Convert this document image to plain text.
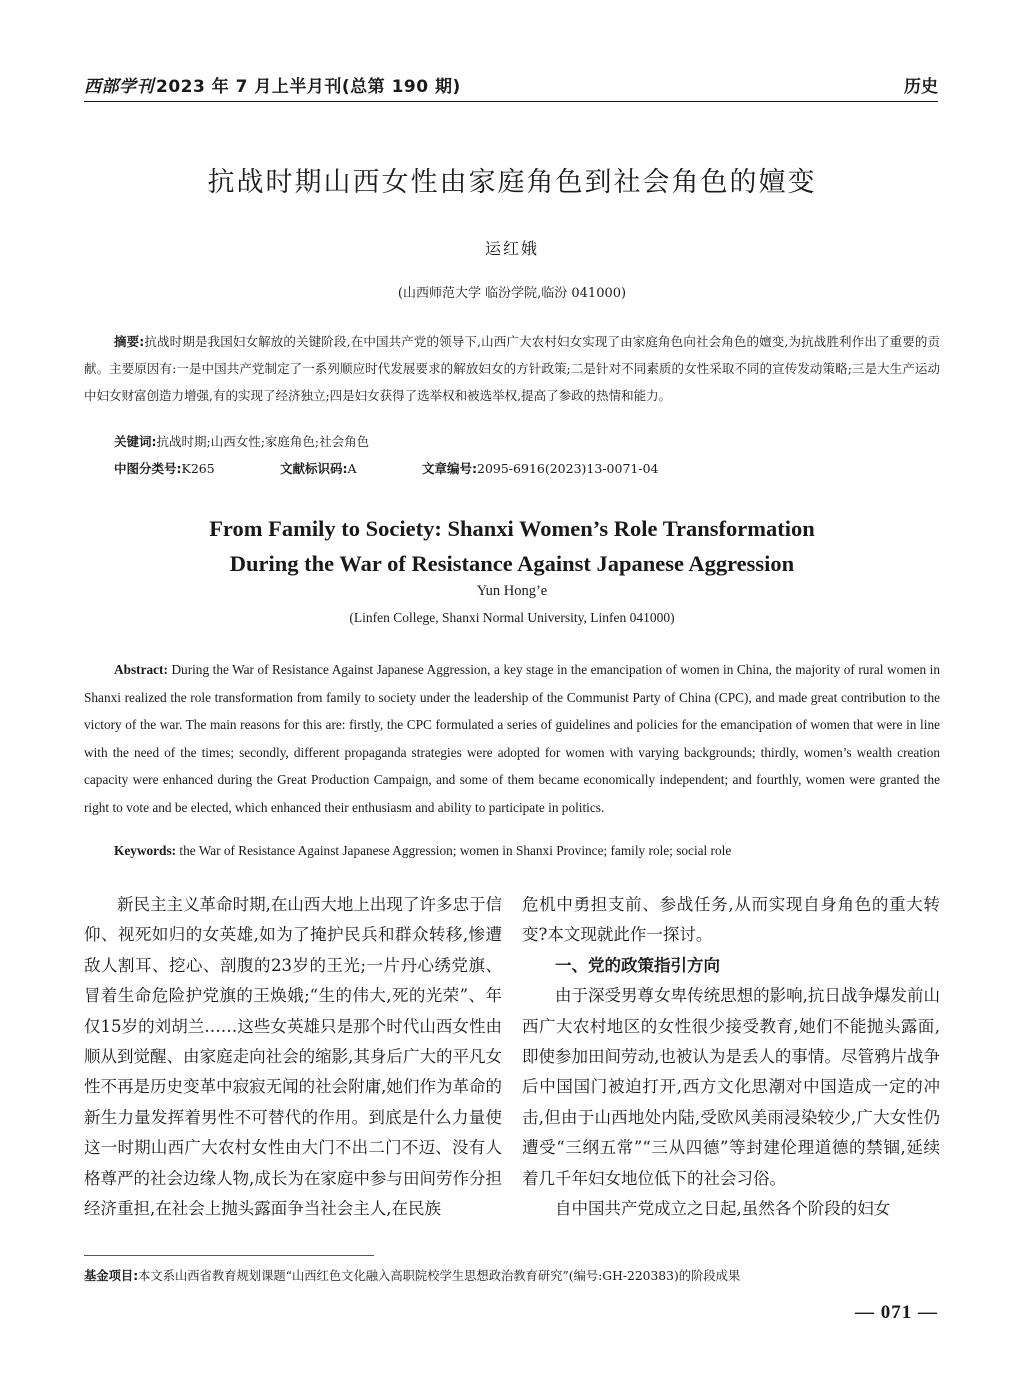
西部学刊 2023 年 7 月上半月刊(总第 190 期)	历史
抗战时期山西女性由家庭角色到社会角色的嬗变
运红娥
(山西师范大学 临汾学院,临汾 041000)
摘要:抗战时期是我国妇女解放的关键阶段,在中国共产党的领导下,山西广大农村妇女实现了由家庭角色向社会角色的嬗变,为抗战胜利作出了重要的贡献。主要原因有:一是中国共产党制定了一系列顺应时代发展要求的解放妇女的方针政策;二是针对不同素质的女性采取不同的宣传发动策略;三是大生产运动中妇女财富创造力增强,有的实现了经济独立;四是妇女获得了选举权和被选举权,提高了参政的热情和能力。
关键词:抗战时期;山西女性;家庭角色;社会角色
中图分类号:K265	文献标识码:A	文章编号:2095-6916(2023)13-0071-04
From Family to Society: Shanxi Women’s Role Transformation
During the War of Resistance Against Japanese Aggression
Yun Hong’e
(Linfen College, Shanxi Normal University, Linfen 041000)
Abstract: During the War of Resistance Against Japanese Aggression, a key stage in the emancipation of women in China, the majority of rural women in Shanxi realized the role transformation from family to society under the leadership of the Communist Party of China (CPC), and made great contribution to the victory of the war. The main reasons for this are: firstly, the CPC formulated a series of guidelines and policies for the emancipation of women that were in line with the need of the times; secondly, different propaganda strategies were adopted for women with varying backgrounds; thirdly, women’s wealth creation capacity were enhanced during the Great Production Campaign, and some of them became economically independent; and fourthly, women were granted the right to vote and be elected, which enhanced their enthusiasm and ability to participate in politics.
Keywords: the War of Resistance Against Japanese Aggression; women in Shanxi Province; family role; social role

新民主主义革命时期,在山西大地上出现了许多忠于信仰、视死如归的女英雄,如为了掩护民兵和群众转移,惨遭敌人割耳、挖心、剖腹的23岁的王光;一片丹心绣党旗、冒着生命危险护党旗的王焕娥;“生的伟大,死的光荣”、年仅15岁的刘胡兰……这些女英雄只是那个时代山西女性由顺从到觉醒、由家庭走向社会的缩影,其身后广大的平凡女性不再是历史变革中寂寂无闻的社会附庸,她们作为革命的新生力量发挥着男性不可替代的作用。到底是什么力量使这一时期山西广大农村女性由大门不出二门不迈、没有人格尊严的社会边缘人物,成长为在家庭中参与田间劳作分担经济重担,在社会上抛头露面争当社会主人,在民族

危机中勇担支前、参战任务,从而实现自身角色的重大转变?本文现就此作一探讨。

一、党的政策指引方向

由于深受男尊女卑传统思想的影响,抗日战争爆发前山西广大农村地区的女性很少接受教育,她们不能抛头露面,即使参加田间劳动,也被认为是丢人的事情。尽管鸦片战争后中国国门被迫打开,西方文化思潮对中国造成一定的冲击,但由于山西地处内陆,受欧风美雨浸染较少,广大女性仍遭受“三纲五常”“三从四德”等封建伦理道德的禁锢,延续着几千年妇女地位低下的社会习俗。

自中国共产党成立之日起,虽然各个阶段的妇女

基金项目:本文系山西省教育规划课题“山西红色文化融入高职院校学生思想政治教育研究”(编号:GH-220383)的阶段成果
— 071 —
